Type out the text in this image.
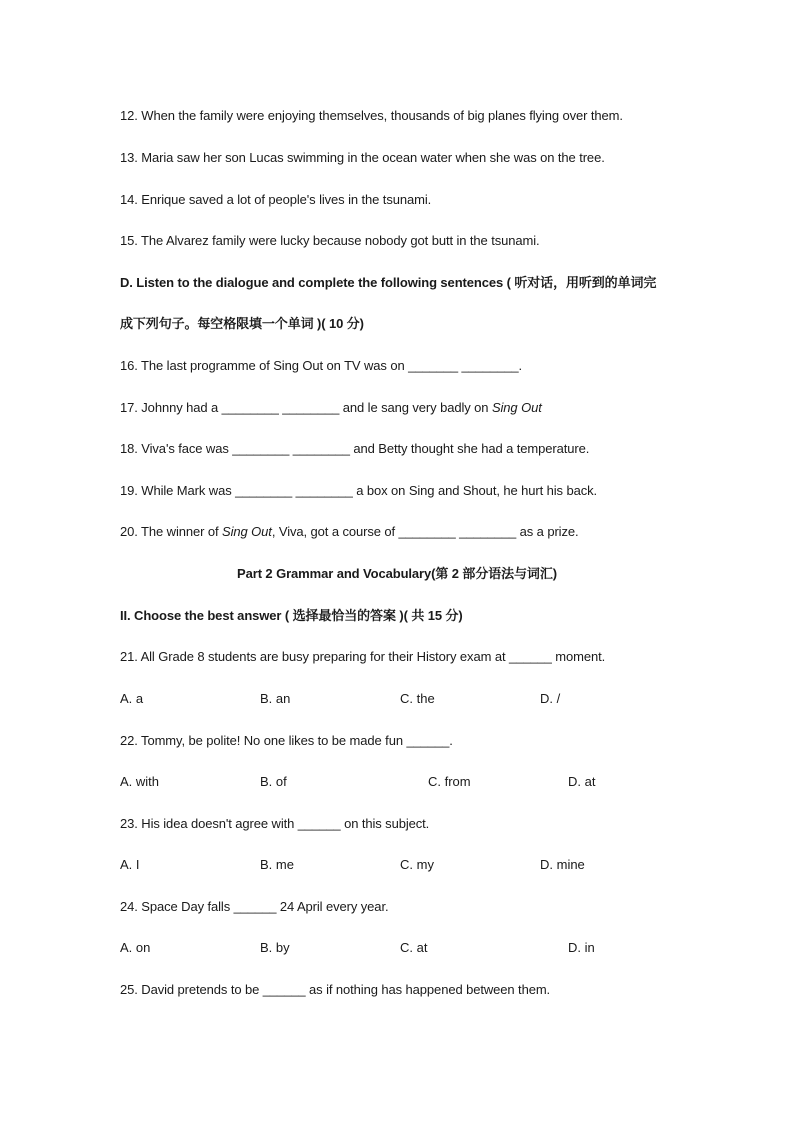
12. When the family were enjoying themselves, thousands of big planes flying over them.
13. Maria saw her son Lucas swimming in the ocean water when she was on the tree.
14. Enrique saved a lot of people's lives in the tsunami.
15. The Alvarez family were lucky because nobody got butt in the tsunami.
D. Listen to the dialogue and complete the following sentences ( 听对话，用听到的单词完
成下列句子。每空格限填一个单词 )( 10 分)
16. The last programme of Sing Out on TV was on _______ ________.
17. Johnny had a ________ ________ and le sang very badly on Sing Out
18. Viva's face was ________ ________ and Betty thought she had a temperature.
19. While Mark was ________ ________ a box on Sing and Shout, he hurt his back.
20. The winner of Sing Out, Viva, got a course of ________ ________ as a prize.
Part 2 Grammar and Vocabulary(第 2 部分语法与词汇)
II. Choose the best answer ( 选择最恰当的答案 )( 共 15 分)
21. All Grade 8 students are busy preparing for their History exam at ______ moment.
A. a	B. an	C. the	D. /
22. Tommy, be polite! No one likes to be made fun ______.
A. with	B. of	C. from	D. at
23. His idea doesn't agree with ______ on this subject.
A. I	B. me	C. my	D. mine
24. Space Day falls ______ 24 April every year.
A. on	B. by	C. at	D. in
25. David pretends to be ______ as if nothing has happened between them.
